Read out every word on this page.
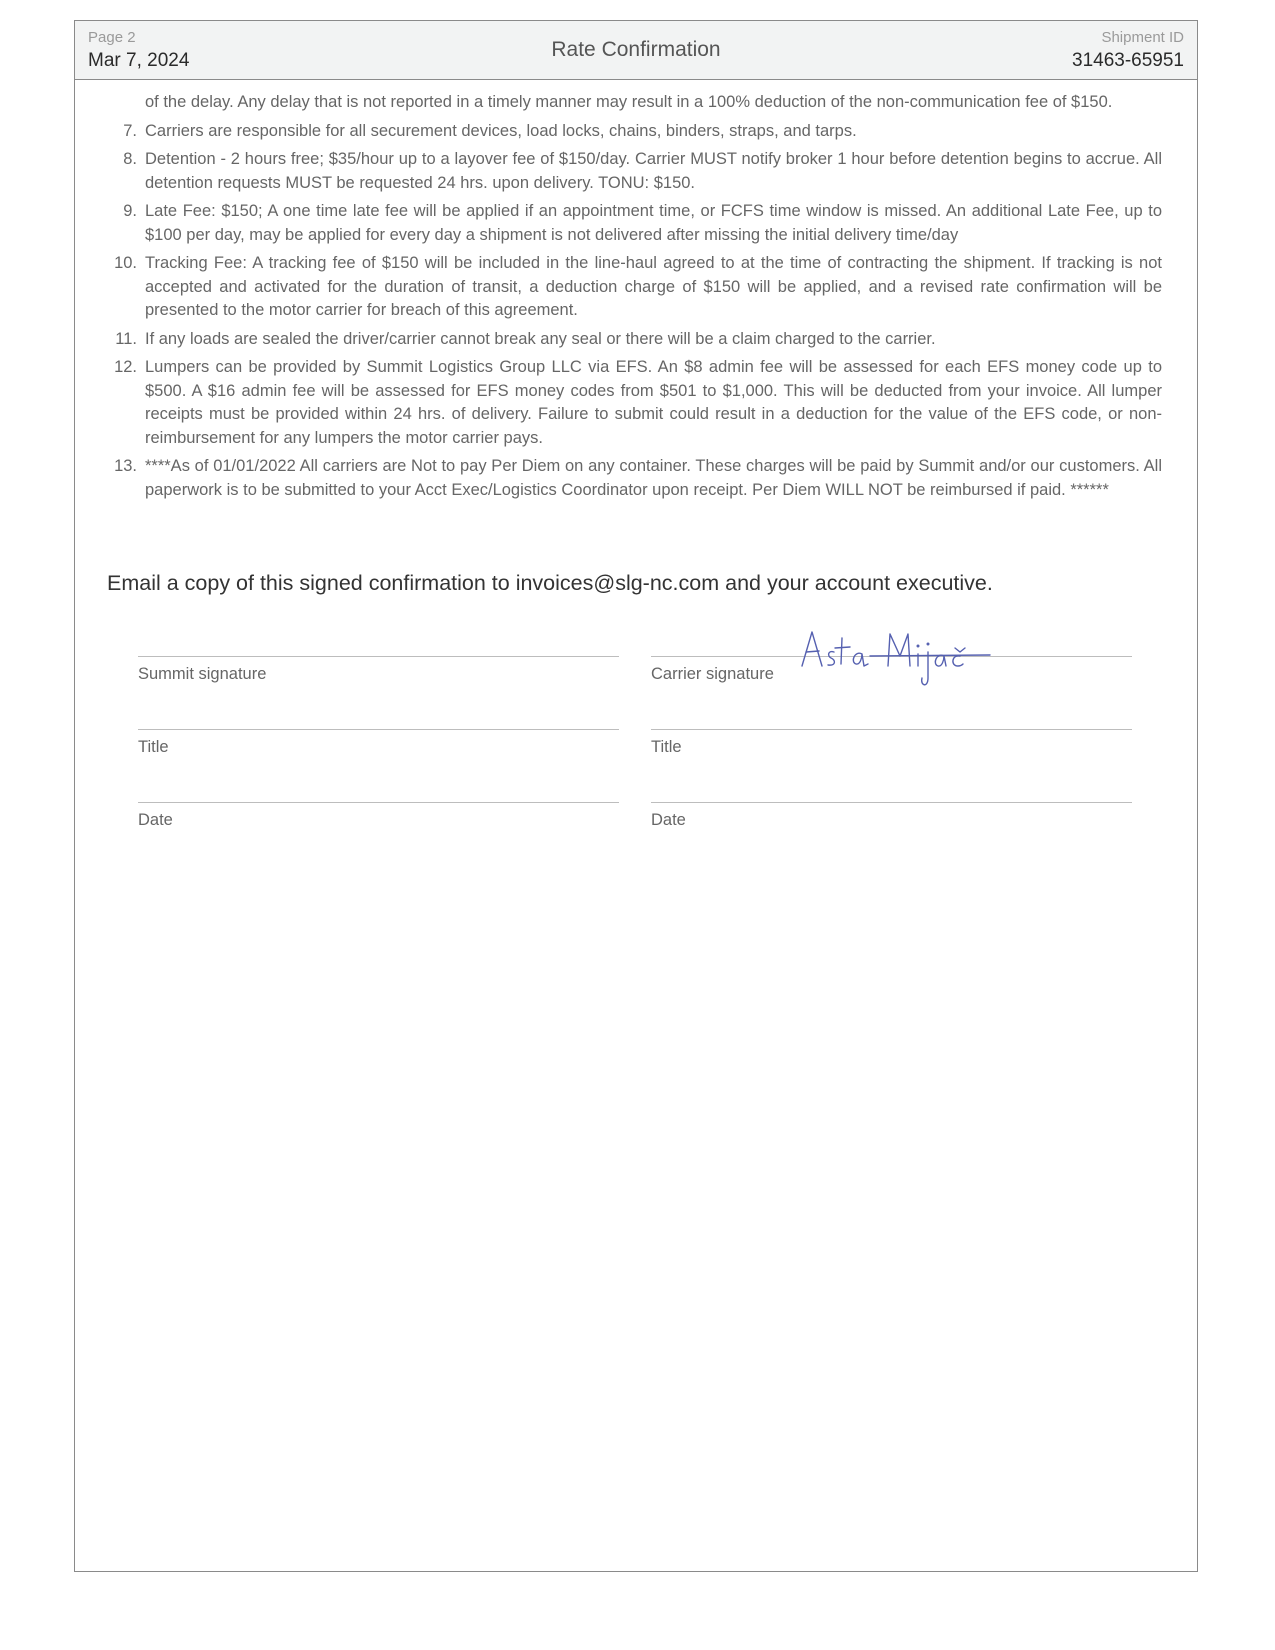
Page 2
Mar 7, 2024	Rate Confirmation
Shipment ID
31463-65951
of the delay. Any delay that is not reported in a timely manner may result in a 100% deduction of the non-communication fee of $150.
7. Carriers are responsible for all securement devices, load locks, chains, binders, straps, and tarps.
8. Detention - 2 hours free; $35/hour up to a layover fee of $150/day. Carrier MUST notify broker 1 hour before detention begins to accrue. All detention requests MUST be requested 24 hrs. upon delivery. TONU: $150.
9. Late Fee: $150; A one time late fee will be applied if an appointment time, or FCFS time window is missed. An additional Late Fee, up to $100 per day, may be applied for every day a shipment is not delivered after missing the initial delivery time/day
10. Tracking Fee: A tracking fee of $150 will be included in the line-haul agreed to at the time of contracting the shipment. If tracking is not accepted and activated for the duration of transit, a deduction charge of $150 will be applied, and a revised rate confirmation will be presented to the motor carrier for breach of this agreement.
11. If any loads are sealed the driver/carrier cannot break any seal or there will be a claim charged to the carrier.
12. Lumpers can be provided by Summit Logistics Group LLC via EFS. An $8 admin fee will be assessed for each EFS money code up to $500. A $16 admin fee will be assessed for EFS money codes from $501 to $1,000. This will be deducted from your invoice. All lumper receipts must be provided within 24 hrs. of delivery. Failure to submit could result in a deduction for the value of the EFS code, or non-reimbursement for any lumpers the motor carrier pays.
13. ****As of 01/01/2022 All carriers are Not to pay Per Diem on any container. These charges will be paid by Summit and/or our customers. All paperwork is to be submitted to your Acct Exec/Logistics Coordinator upon receipt. Per Diem WILL NOT be reimbursed if paid. ******
Email a copy of this signed confirmation to invoices@slg-nc.com and your account executive.
Summit signature	Carrier signature
Title	Title
Date	Date
